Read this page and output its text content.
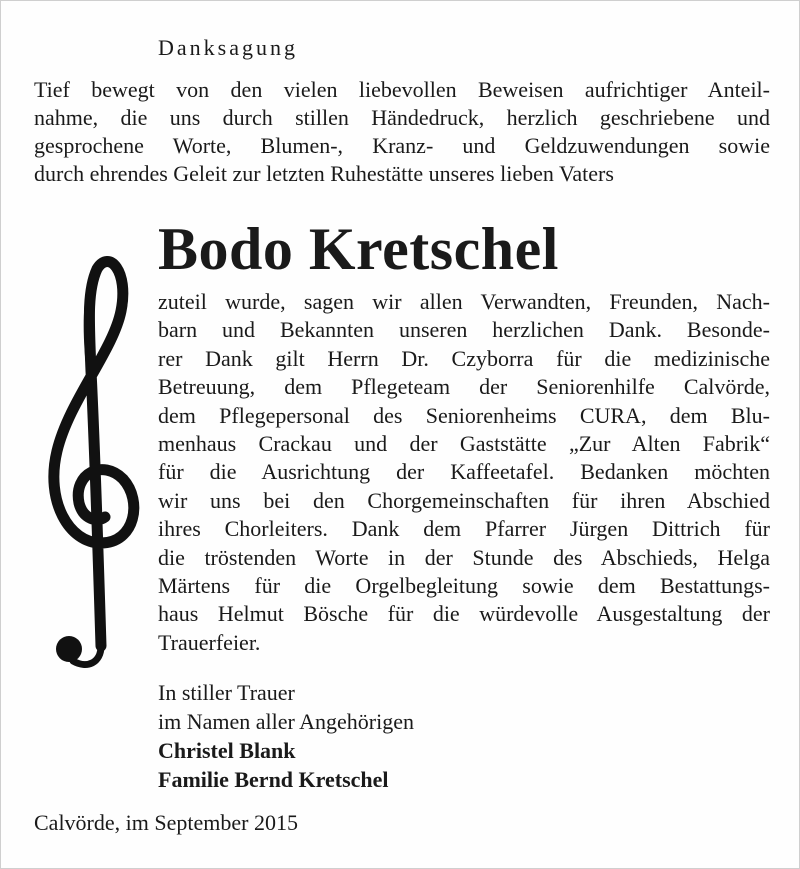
Danksagung
Tief bewegt von den vielen liebevollen Beweisen aufrichtiger Anteil-
nahme, die uns durch stillen Händedruck, herzlich geschriebene und
gesprochene Worte, Blumen-, Kranz- und Geldzuwendungen sowie
durch ehrendes Geleit zur letzten Ruhestätte unseres lieben Vaters
Bodo Kretschel
zuteil wurde, sagen wir allen Verwandten, Freunden, Nach-
barn und Bekannten unseren herzlichen Dank. Besonde-
rer Dank gilt Herrn Dr. Czyborra für die medizinische
Betreuung, dem Pflegeteam der Seniorenhilfe Calvörde,
dem Pflegepersonal des Seniorenheims CURA, dem Blu-
menhaus Crackau und der Gaststätte „Zur Alten Fabrik“
für die Ausrichtung der Kaffeetafel. Bedanken möchten
wir uns bei den Chorgemeinschaften für ihren Abschied
ihres Chorleiters. Dank dem Pfarrer Jürgen Dittrich für
die tröstenden Worte in der Stunde des Abschieds, Helga
Märtens für die Orgelbegleitung sowie dem Bestattungs-
haus Helmut Bösche für die würdevolle Ausgestaltung der
Trauerfeier.
In stiller Trauer
im Namen aller Angehörigen
Christel Blank
Familie Bernd Kretschel
Calvörde, im September 2015
